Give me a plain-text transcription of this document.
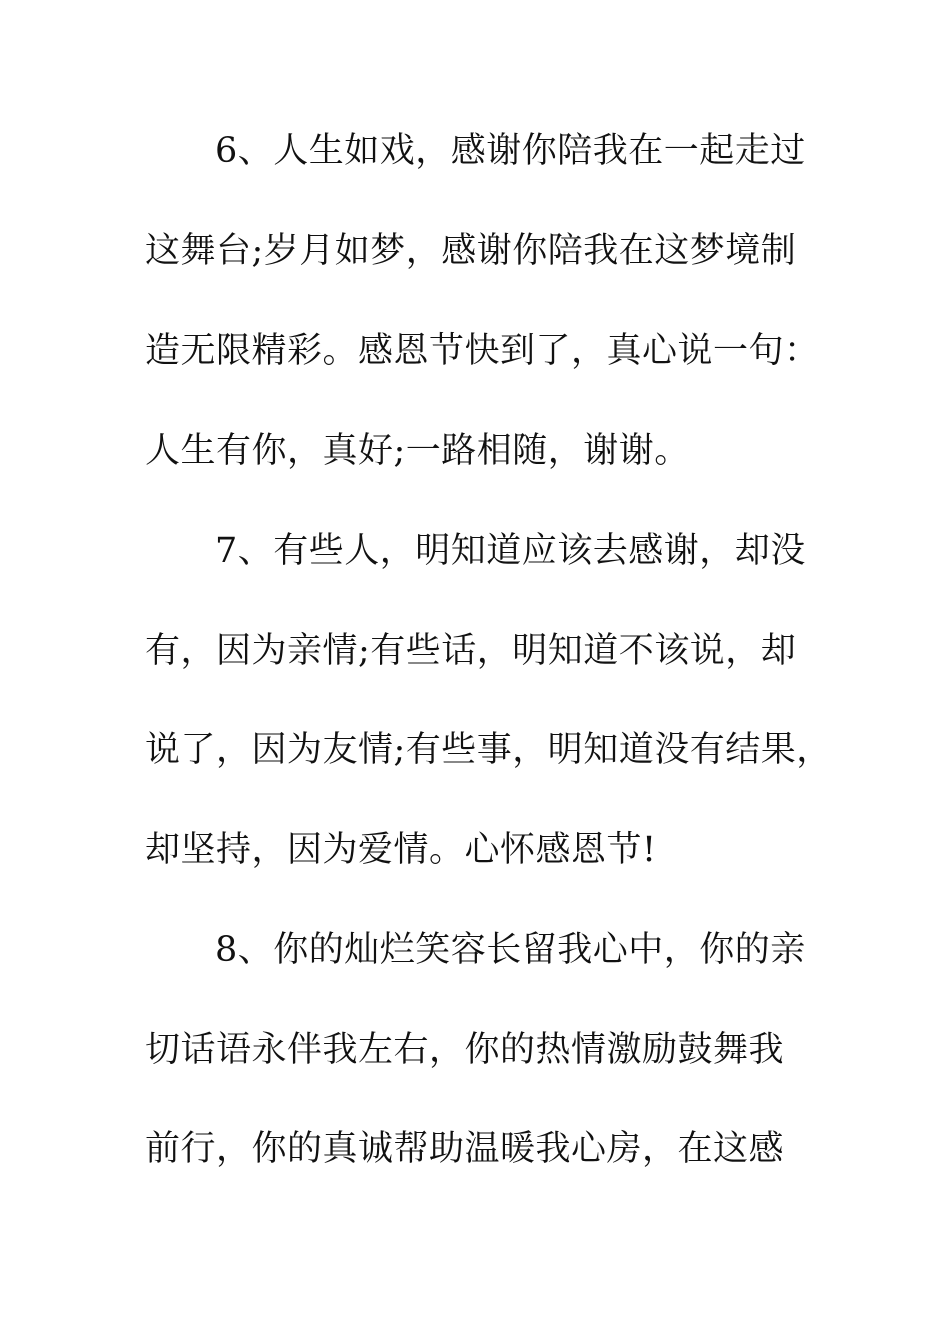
6、人生如戏，感谢你陪我在一起走过
这舞台;岁月如梦，感谢你陪我在这梦境制
造无限精彩。感恩节快到了，真心说一句：
人生有你，真好;一路相随，谢谢。
7、有些人，明知道应该去感谢，却没
有，因为亲情;有些话，明知道不该说，却
说了，因为友情;有些事，明知道没有结果，
却坚持，因为爱情。心怀感恩节!
8、你的灿烂笑容长留我心中，你的亲
切话语永伴我左右，你的热情激励鼓舞我
前行，你的真诚帮助温暖我心房，在这感
